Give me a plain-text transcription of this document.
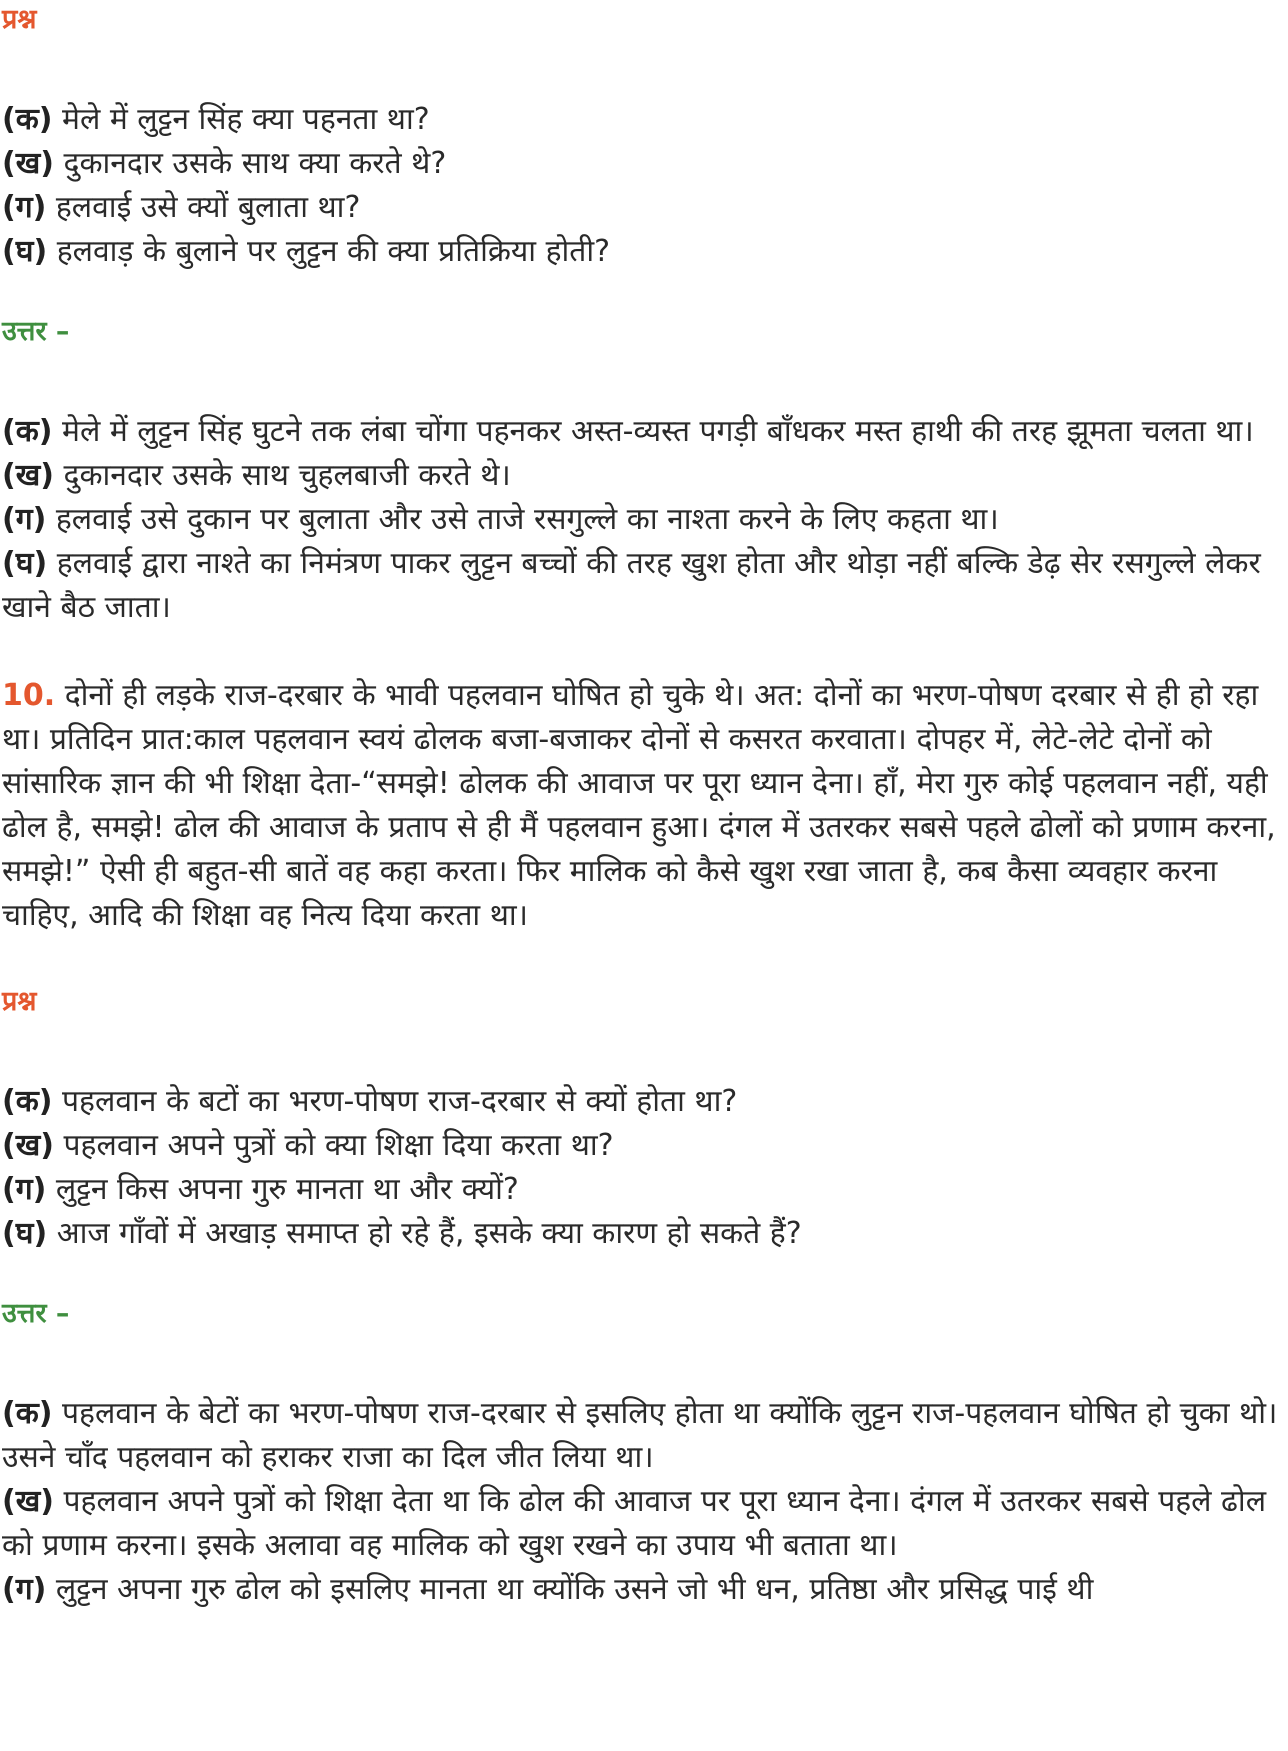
प्रश्न
(क) मेले में लुट्टन सिंह क्या पहनता था?
(ख) दुकानदार उसके साथ क्या करते थे?
(ग) हलवाई उसे क्यों बुलाता था?
(घ) हलवाड़ के बुलाने पर लुट्टन की क्या प्रतिक्रिया होती?
उत्तर –
(क) मेले में लुट्टन सिंह घुटने तक लंबा चोंगा पहनकर अस्त-व्यस्त पगड़ी बाँधकर मस्त हाथी की तरह झूमता चलता था।
(ख) दुकानदार उसके साथ चुहलबाजी करते थे।
(ग) हलवाई उसे दुकान पर बुलाता और उसे ताजे रसगुल्ले का नाश्ता करने के लिए कहता था।
(घ) हलवाई द्वारा नाश्ते का निमंत्रण पाकर लुट्टन बच्चों की तरह खुश होता और थोड़ा नहीं बल्कि डेढ़ सेर रसगुल्ले लेकर खाने बैठ जाता।
10. दोनों ही लड़के राज-दरबार के भावी पहलवान घोषित हो चुके थे। अत: दोनों का भरण-पोषण दरबार से ही हो रहा था। प्रतिदिन प्रात:काल पहलवान स्वयं ढोलक बजा-बजाकर दोनों से कसरत करवाता। दोपहर में, लेटे-लेटे दोनों को सांसारिक ज्ञान की भी शिक्षा देता-“समझे! ढोलक की आवाज पर पूरा ध्यान देना। हाँ, मेरा गुरु कोई पहलवान नहीं, यही ढोल है, समझे! ढोल की आवाज के प्रताप से ही मैं पहलवान हुआ। दंगल में उतरकर सबसे पहले ढोलों को प्रणाम करना, समझे!” ऐसी ही बहुत-सी बातें वह कहा करता। फिर मालिक को कैसे खुश रखा जाता है, कब कैसा व्यवहार करना चाहिए, आदि की शिक्षा वह नित्य दिया करता था।
प्रश्न
(क) पहलवान के बटों का भरण-पोषण राज-दरबार से क्यों होता था?
(ख) पहलवान अपने पुत्रों को क्या शिक्षा दिया करता था?
(ग) लुट्टन किस अपना गुरु मानता था और क्यों?
(घ) आज गाँवों में अखाड़ समाप्त हो रहे हैं, इसके क्या कारण हो सकते हैं?
उत्तर –
(क) पहलवान के बेटों का भरण-पोषण राज-दरबार से इसलिए होता था क्योंकि लुट्टन राज-पहलवान घोषित हो चुका थो। उसने चाँद पहलवान को हराकर राजा का दिल जीत लिया था।
(ख) पहलवान अपने पुत्रों को शिक्षा देता था कि ढोल की आवाज पर पूरा ध्यान देना। दंगल में उतरकर सबसे पहले ढोल को प्रणाम करना। इसके अलावा वह मालिक को खुश रखने का उपाय भी बताता था।
(ग) लुट्टन अपना गुरु ढोल को इसलिए मानता था क्योंकि उसने जो भी धन, प्रतिष्ठा और प्रसिद्ध पाई थी
